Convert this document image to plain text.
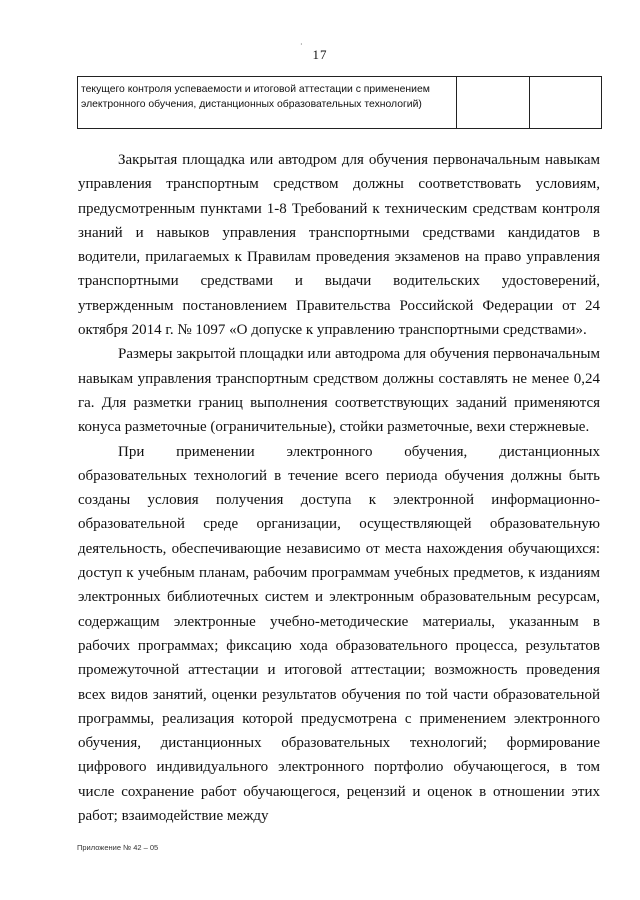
·
17
текущего контроля успеваемости и итоговой аттестации с применением электронного обучения, дистанционных образовательных технологий)

Закрытая площадка или автодром для обучения первоначальным навыкам управления транспортным средством должны соответствовать условиям, предусмотренным пунктами 1-8 Требований к техническим средствам контроля знаний и навыков управления транспортными средствами кандидатов в водители, прилагаемых к Правилам проведения экзаменов на право управления транспортными средствами и выдачи водительских удостоверений, утвержденным постановлением Правительства Российской Федерации от 24 октября 2014 г. № 1097 «О допуске к управлению транспортными средствами».

Размеры закрытой площадки или автодрома для обучения первоначальным навыкам управления транспортным средством должны составлять не менее 0,24 га. Для разметки границ выполнения соответствующих заданий применяются конуса разметочные (ограничительные), стойки разметочные, вехи стержневые.

При применении электронного обучения, дистанционных образовательных технологий в течение всего периода обучения должны быть созданы условия получения доступа к электронной информационно-образовательной среде организации, осуществляющей образовательную деятельность, обеспечивающие независимо от места нахождения обучающихся: доступ к учебным планам, рабочим программам учебных предметов, к изданиям электронных библиотечных систем и электронным образовательным ресурсам, содержащим электронные учебно-методические материалы, указанным в рабочих программах; фиксацию хода образовательного процесса, результатов промежуточной аттестации и итоговой аттестации; возможность проведения всех видов занятий, оценки результатов обучения по той части образовательной программы, реализация которой предусмотрена с применением электронного обучения, дистанционных образовательных технологий; формирование цифрового индивидуального электронного портфолио обучающегося, в том числе сохранение работ обучающегося, рецензий и оценок в отношении этих работ; взаимодействие между

Приложение № 42 – 05
